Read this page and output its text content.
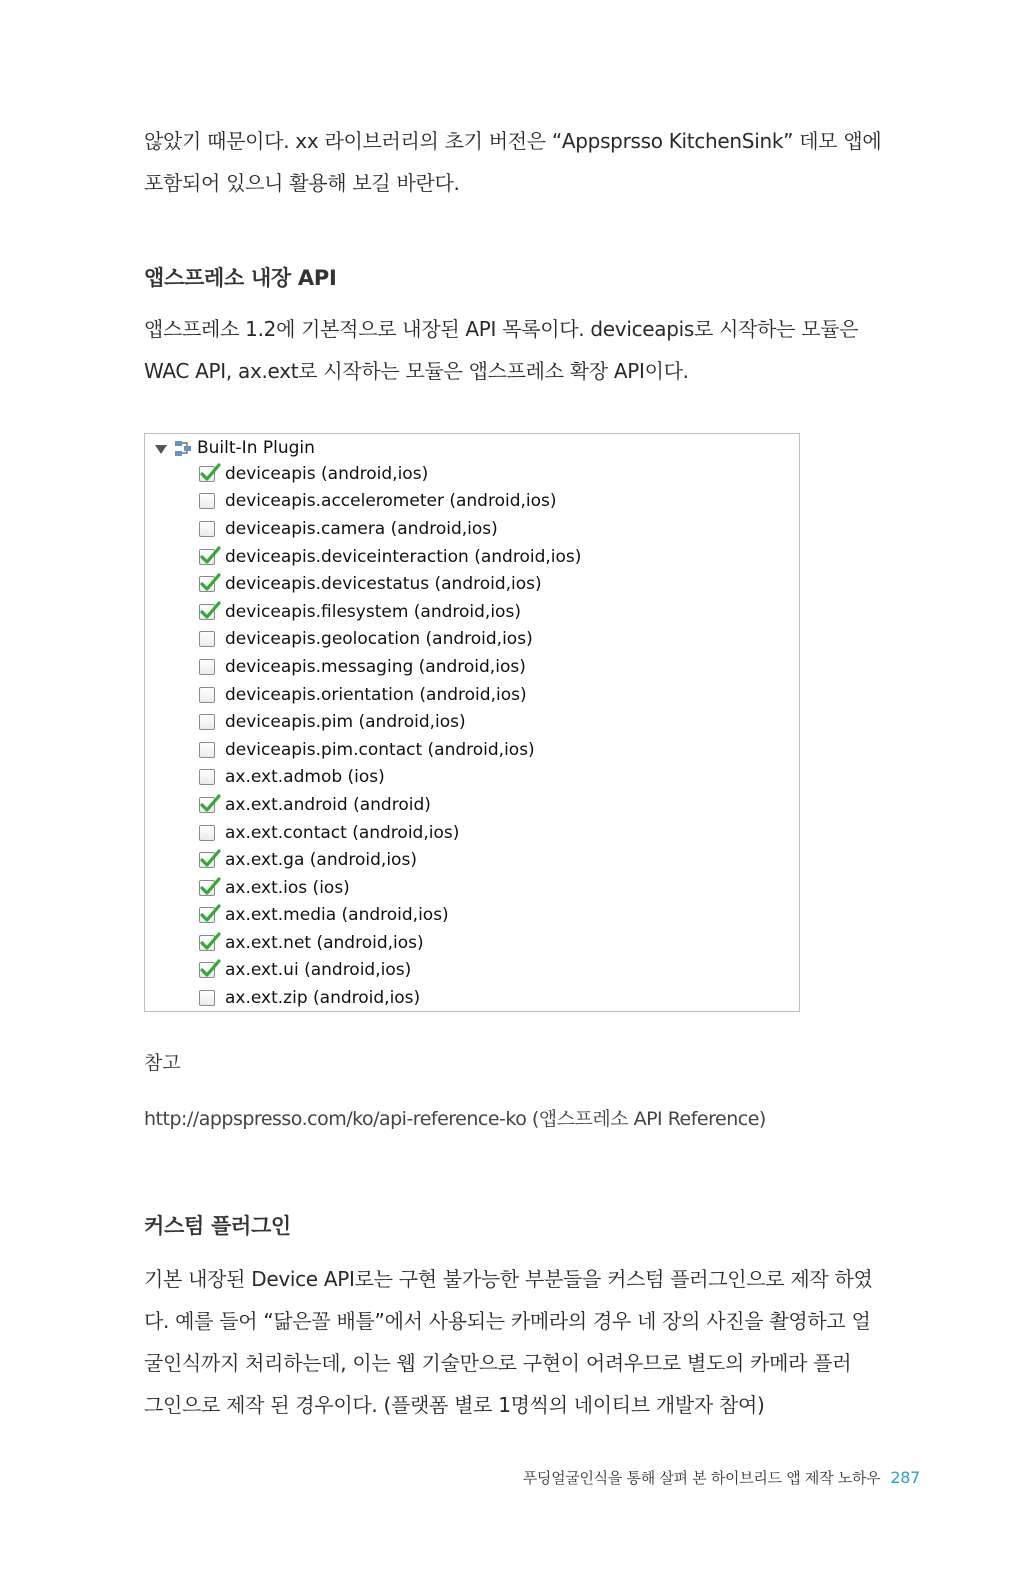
않았기 때문이다. xx 라이브러리의 초기 버전은 “Appsprsso KitchenSink” 데모 앱에
포함되어 있으니 활용해 보길 바란다.
앱스프레소 내장 API
앱스프레소 1.2에 기본적으로 내장된 API 목록이다. deviceapis로 시작하는 모듈은
WAC API, ax.ext로 시작하는 모듈은 앱스프레소 확장 API이다.
Built-In Plugin
deviceapis (android,ios)
deviceapis.accelerometer (android,ios)
deviceapis.camera (android,ios)
deviceapis.deviceinteraction (android,ios)
deviceapis.devicestatus (android,ios)
deviceapis.filesystem (android,ios)
deviceapis.geolocation (android,ios)
deviceapis.messaging (android,ios)
deviceapis.orientation (android,ios)
deviceapis.pim (android,ios)
deviceapis.pim.contact (android,ios)
ax.ext.admob (ios)
ax.ext.android (android)
ax.ext.contact (android,ios)
ax.ext.ga (android,ios)
ax.ext.ios (ios)
ax.ext.media (android,ios)
ax.ext.net (android,ios)
ax.ext.ui (android,ios)
ax.ext.zip (android,ios)
참고
http://appspresso.com/ko/api-reference-ko (앱스프레소 API Reference)
커스텀 플러그인
기본 내장된 Device API로는 구현 불가능한 부분들을 커스텀 플러그인으로 제작 하였
다. 예를 들어 “닮은꼴 배틀”에서 사용되는 카메라의 경우 네 장의 사진을 촬영하고 얼
굴인식까지 처리하는데, 이는 웹 기술만으로 구현이 어려우므로 별도의 카메라 플러
그인으로 제작 된 경우이다. (플랫폼 별로 1명씩의 네이티브 개발자 참여)
푸딩얼굴인식을 통해 살펴 본 하이브리드 앱 제작 노하우 287
